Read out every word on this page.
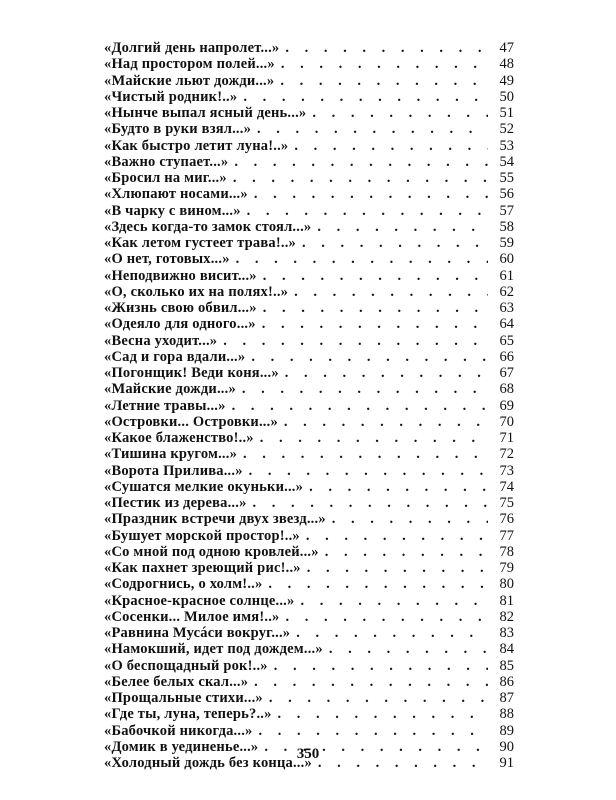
«Долгий день напролет...» . . .	47
«Над простором полей...» . . .	48
«Майские льют дожди...» . . .	49
«Чистый родник!..» . . .	50
«Нынче выпал ясный день...» . . .	51
«Будто в руки взял...» . . .	52
«Как быстро летит луна!..» . . .	53
«Важно ступает...» . . .	54
«Бросил на миг...» . . .	55
«Хлюпают носами...» . . .	56
«В чарку с вином...» . . .	57
«Здесь когда-то замок стоял...» . . .	58
«Как летом густеет трава!..» . . .	59
«О нет, готовых...» . . .	60
«Неподвижно висит...» . . .	61
«О, сколько их на полях!..» . . .	62
«Жизнь свою обвил...» . . .	63
«Одеяло для одного...» . . .	64
«Весна уходит...» . . .	65
«Сад и гора вдали...» . . .	66
«Погонщик! Веди коня...» . . .	67
«Майские дожди...» . . .	68
«Летние травы...» . . .	69
«Островки... Островки...» . . .	70
«Какое блаженство!..» . . .	71
«Тишина кругом...» . . .	72
«Ворота Прилива...» . . .	73
«Сушатся мелкие окуньки...» . . .	74
«Пестик из дерева...» . . .	75
«Праздник встречи двух звезд...» . . .	76
«Бушует морской простор!..» . . .	77
«Со мной под одною кровлей...» . . .	78
«Как пахнет зреющий рис!..» . . .	79
«Содрогнись, о холм!..» . . .	80
«Красное-красное солнце...» . . .	81
«Сосенки... Милое имя!..» . . .	82
«Равнина Мусáси вокруг...» . . .	83
«Намокший, идет под дождем...» . . .	84
«О беспощадный рок!..» . . .	85
«Белее белых скал...» . . .	86
«Прощальные стихи...» . . .	87
«Где ты, луна, теперь?..» . . .	88
«Бабочкой никогда...» . . .	89
«Домик в уединенье...» . . .	90
«Холодный дождь без конца...» . . .	91
350
